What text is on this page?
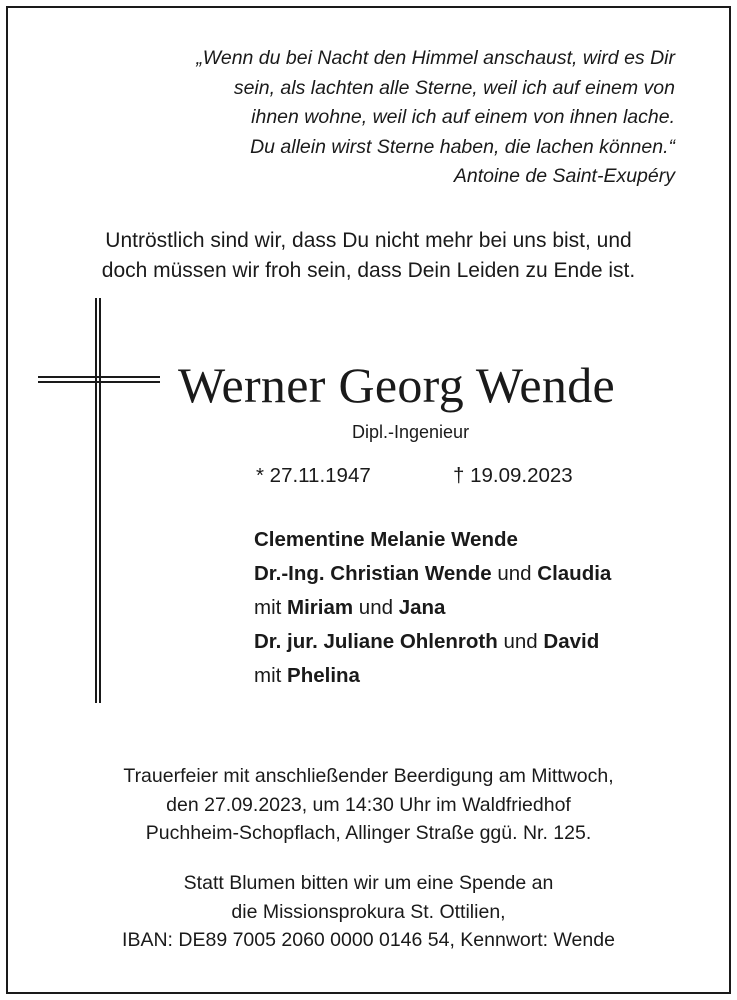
„Wenn du bei Nacht den Himmel anschaust, wird es Dir
sein, als lachten alle Sterne, weil ich auf einem von
ihnen wohne, weil ich auf einem von ihnen lache.
Du allein wirst Sterne haben, die lachen können.“
Antoine de Saint-Exupéry
Untröstlich sind wir, dass Du nicht mehr bei uns bist, und
doch müssen wir froh sein, dass Dein Leiden zu Ende ist.
Werner Georg Wende
Dipl.-Ingenieur
* 27.11.1947	† 19.09.2023
Clementine Melanie Wende
Dr.-Ing. Christian Wende und Claudia
mit Miriam und Jana
Dr. jur. Juliane Ohlenroth und David
mit Phelina
Trauerfeier mit anschließender Beerdigung am Mittwoch,
den 27.09.2023, um 14:30 Uhr im Waldfriedhof
Puchheim-Schopflach, Allinger Straße ggü. Nr. 125.
Statt Blumen bitten wir um eine Spende an
die Missionsprokura St. Ottilien,
IBAN: DE89 7005 2060 0000 0146 54, Kennwort: Wende
